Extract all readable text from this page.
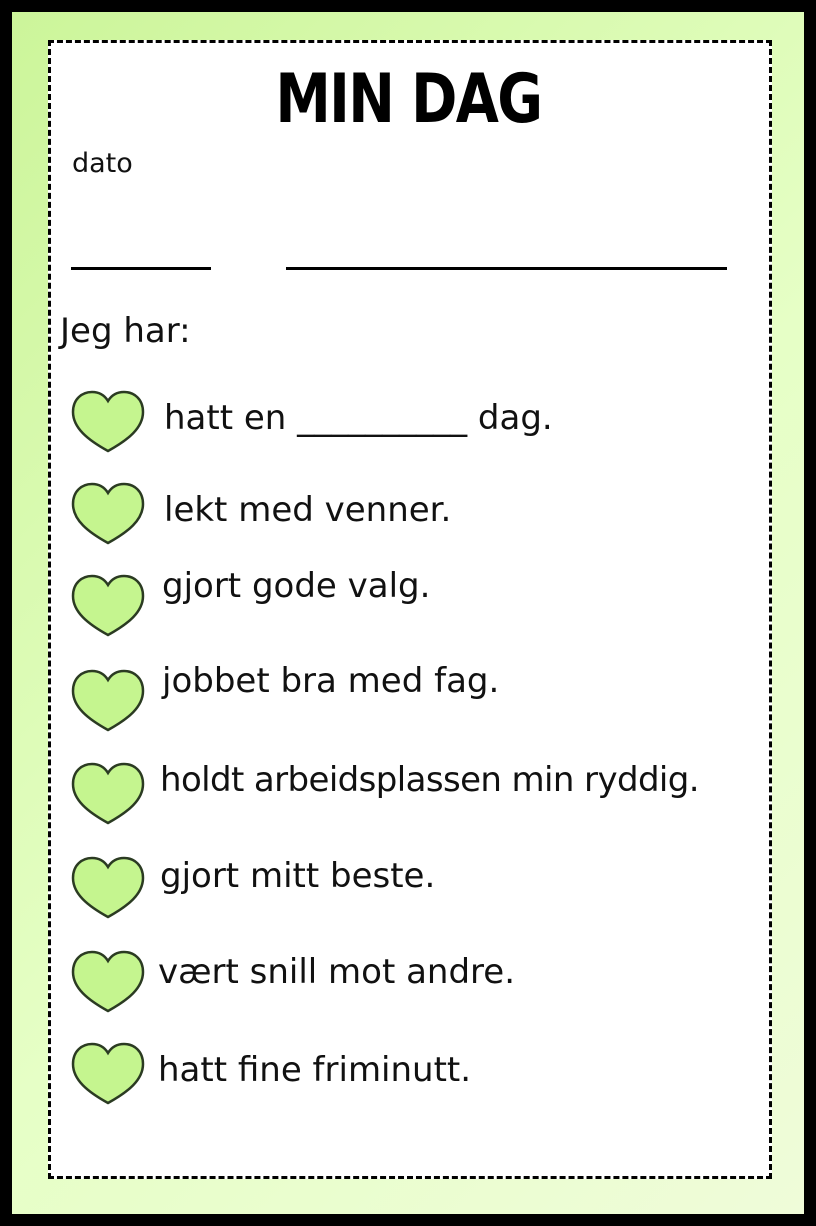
MIN DAG
dato
Jeg har:
hatt en __________ dag.
lekt med venner.
gjort gode valg.
jobbet bra med fag.
holdt arbeidsplassen min ryddig.
gjort mitt beste.
vært snill mot andre.
hatt fine friminutt.
